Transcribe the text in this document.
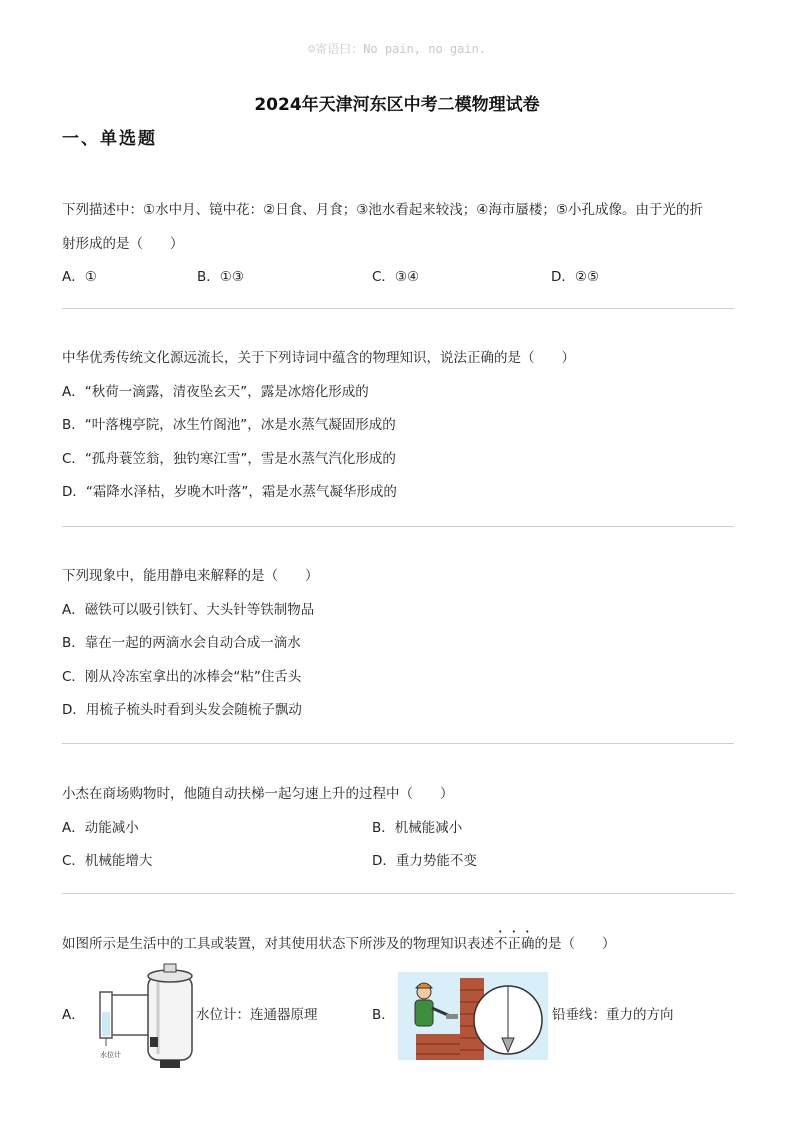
☺寄语曰：No pain, no gain.
2024年天津河东区中考二模物理试卷
一、单选题

下列描述中：①水中月、镜中花：②日食、月食；③池水看起来较浅；④海市蜃楼；⑤小孔成像。由于光的折

射形成的是（　　）

A．①	B．①③	C．③④	D．②⑤

中华优秀传统文化源远流长，关于下列诗词中蕴含的物理知识，说法正确的是（　　）

A．“秋荷一滴露，清夜坠玄天”，露是冰熔化形成的

B．“叶落槐亭院，冰生竹阁池”，冰是水蒸气凝固形成的

C．“孤舟蓑笠翁，独钓寒江雪”，雪是水蒸气汽化形成的

D．“霜降水泽枯，岁晚木叶落”，霜是水蒸气凝华形成的

下列现象中，能用静电来解释的是（　　）

A．磁铁可以吸引铁钉、大头针等铁制物品

B．靠在一起的两滴水会自动合成一滴水

C．刚从冷冻室拿出的冰棒会“粘”住舌头

D．用梳子梳头时看到头发会随梳子飘动

小杰在商场购物时，他随自动扶梯一起匀速上升的过程中（　　）

A．动能减小	B．机械能减小
C．机械能增大	D．重力势能不变

如图所示是生活中的工具或装置，对其使用状态下所涉及的物理知识表述不正确的是（　　）

A．
水位计
水位计：连通器原理	B．	铅垂线：重力的方向
